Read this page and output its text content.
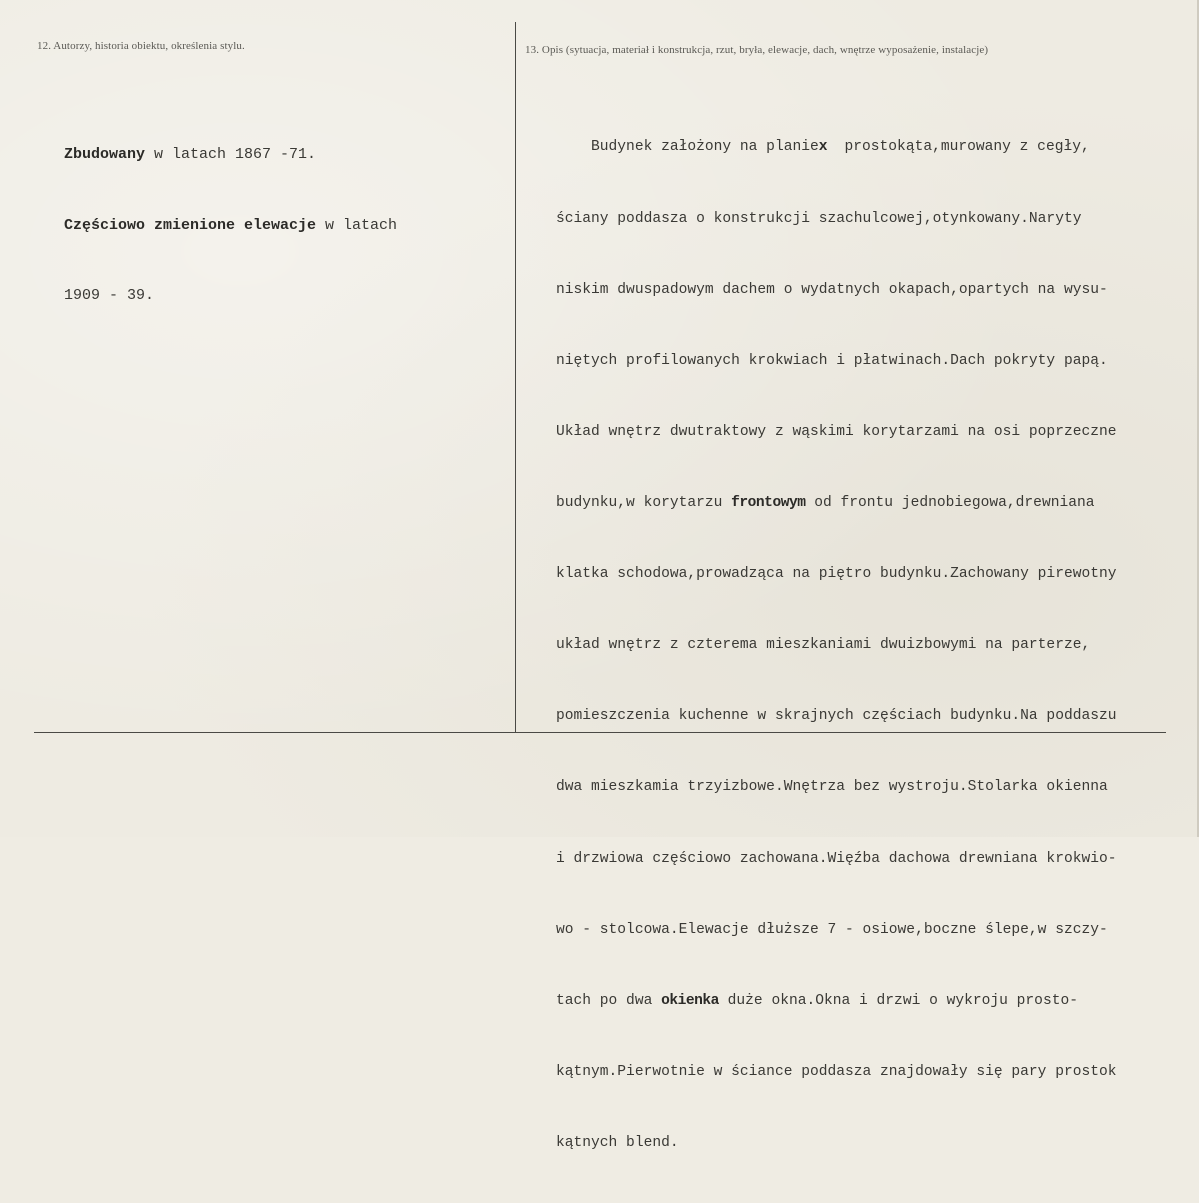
12. Autorzy, historia obiektu, określenia stylu.	13. Opis (sytuacja, materiał i konstrukcja, rzut, bryła, elewacje, dach, wnętrze wyposażenie, instalacje)

Zbudowany w latach 1867 -71.

Częściowo zmienione elewacje w latach

1909 - 39.

Budynek założony na planiex  prostokąta,murowany z cegły,

ściany poddasza o konstrukcji szachulcowej,otynkowany.Naryty

niskim dwuspadowym dachem o wydatnych okapach,opartych na wysu-

niętych profilowanych krokwiach i płatwinach.Dach pokryty papą.

Układ wnętrz dwutraktowy z wąskimi korytarzami na osi poprzeczne

budynku,w korytarzu frontowym od frontu jednobiegowa,drewniana

klatka schodowa,prowadząca na piętro budynku.Zachowany pirewotny

układ wnętrz z czterema mieszkaniami dwuizbowymi na parterze,

pomieszczenia kuchenne w skrajnych częściach budynku.Na poddaszu

dwa mieszkamia trzyizbowe.Wnętrza bez wystroju.Stolarka okienna

i drzwiowa częściowo zachowana.Więźba dachowa drewniana krokwio-

wo - stolcowa.Elewacje dłuższe 7 - osiowe,boczne ślepe,w szczy-

tach po dwa okienka duże okna.Okna i drzwi o wykroju prosto-

kątnym.Pierwotnie w ściance poddasza znajdowały się pary prostok

kątnych blend.
